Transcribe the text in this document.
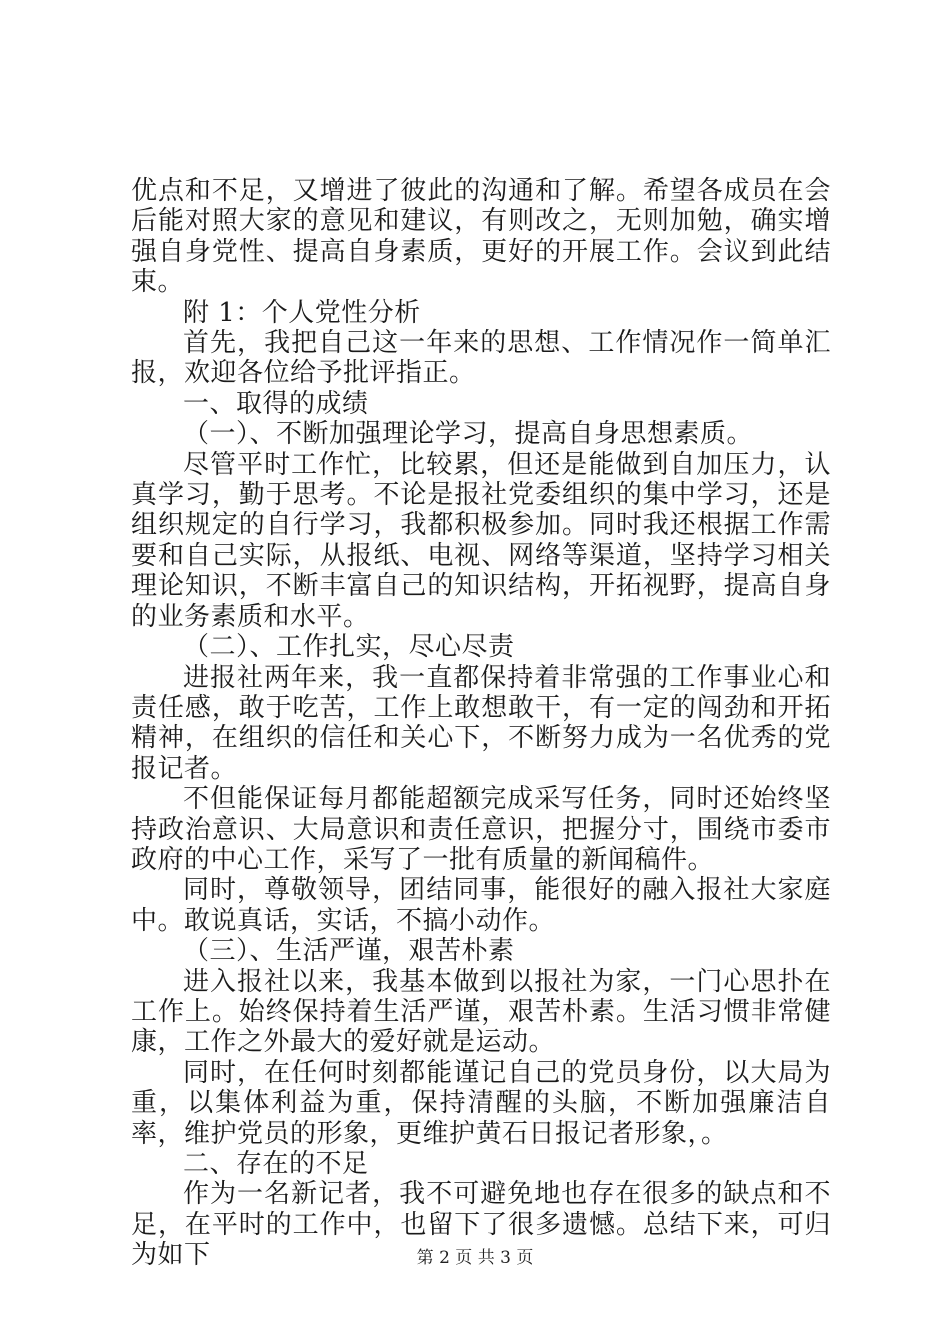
优点和不足，又增进了彼此的沟通和了解。希望各成员在会后能对照大家的意见和建议，有则改之，无则加勉，确实增强自身党性、提高自身素质，更好的开展工作。会议到此结束。

附 1：个人党性分析

首先，我把自己这一年来的思想、工作情况作一简单汇报，欢迎各位给予批评指正。

一、取得的成绩

（一）、不断加强理论学习，提高自身思想素质。

尽管平时工作忙，比较累，但还是能做到自加压力，认真学习，勤于思考。不论是报社党委组织的集中学习，还是组织规定的自行学习，我都积极参加。同时我还根据工作需要和自己实际，从报纸、电视、网络等渠道，坚持学习相关理论知识，不断丰富自己的知识结构，开拓视野，提高自身的业务素质和水平。

（二）、工作扎实，尽心尽责

进报社两年来，我一直都保持着非常强的工作事业心和责任感，敢于吃苦，工作上敢想敢干，有一定的闯劲和开拓精神，在组织的信任和关心下，不断努力成为一名优秀的党报记者。

不但能保证每月都能超额完成采写任务，同时还始终坚持政治意识、大局意识和责任意识，把握分寸，围绕市委市政府的中心工作，采写了一批有质量的新闻稿件。

同时，尊敬领导，团结同事，能很好的融入报社大家庭中。敢说真话，实话，不搞小动作。

（三）、生活严谨，艰苦朴素

进入报社以来，我基本做到以报社为家，一门心思扑在工作上。始终保持着生活严谨，艰苦朴素。生活习惯非常健康，工作之外最大的爱好就是运动。

同时，在任何时刻都能谨记自己的党员身份，以大局为重，以集体利益为重，保持清醒的头脑，不断加强廉洁自率，维护党员的形象，更维护黄石日报记者形象，。

二、存在的不足

作为一名新记者，我不可避免地也存在很多的缺点和不足，在平时的工作中，也留下了很多遗憾。总结下来，可归为如下	第 2 页 共 3 页
